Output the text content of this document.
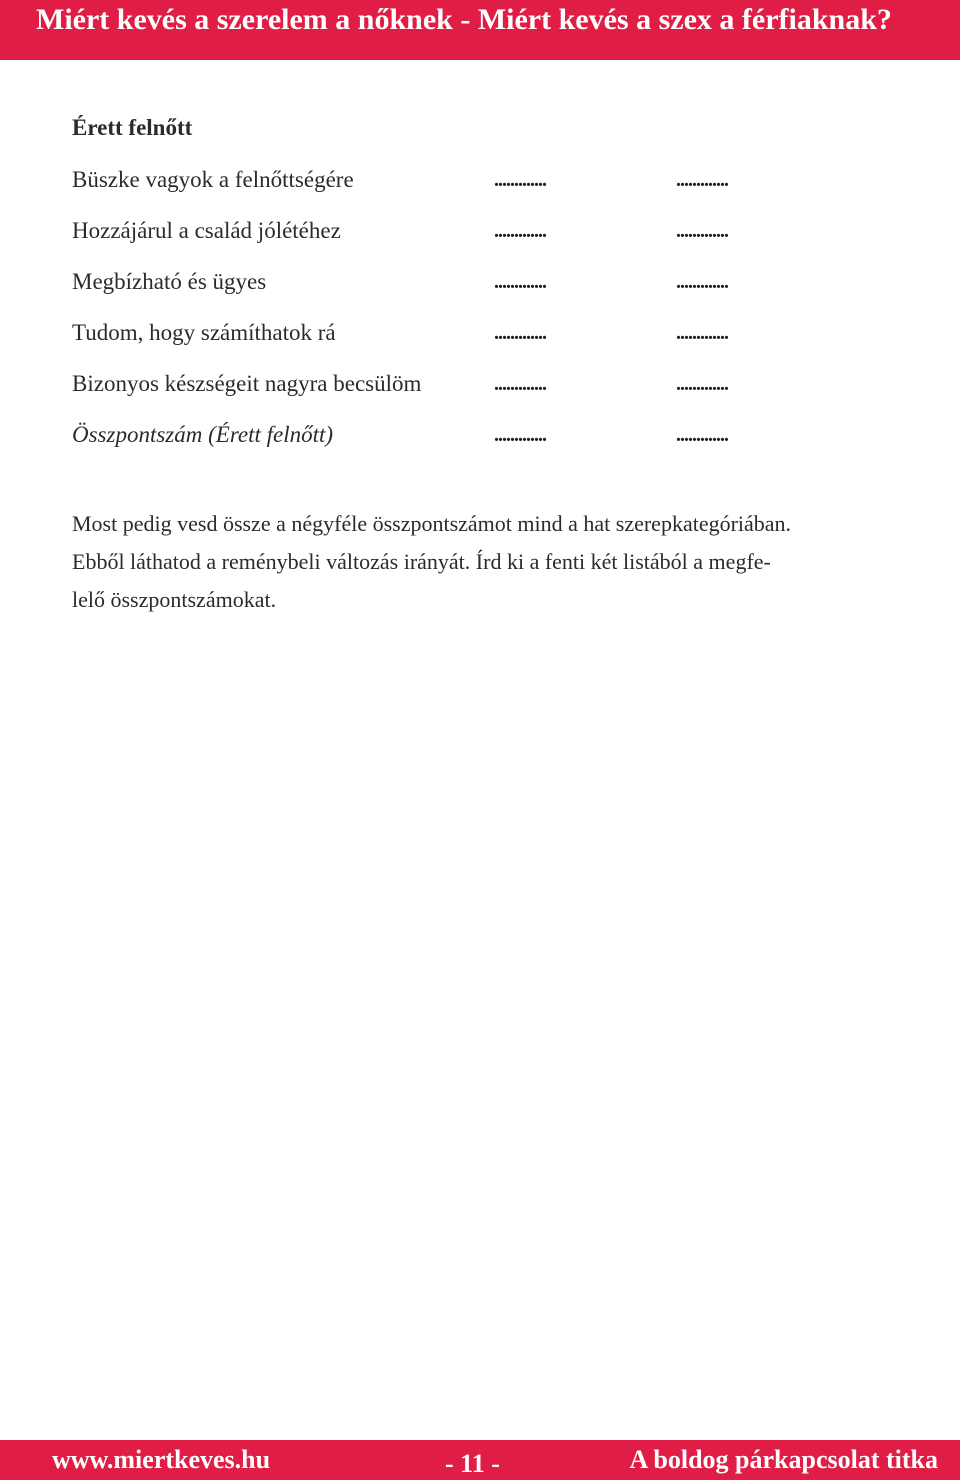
Miért kevés a szerelem a nőknek - Miért kevés a szex a férfiaknak?
Érett felnőtt
Büszke vagyok a felnőttségére	.............	.............
Hozzájárul a család jólétéhez	.............	.............
Megbízható és ügyes	.............	.............
Tudom, hogy számíthatok rá	.............	.............
Bizonyos készségeit nagyra becsülöm	.............	.............
Összpontszám (Érett felnőtt)	.............	.............
Most pedig vesd össze a négyféle összpontszámot mind a hat szerepkategóriában.
Ebből láthatod a reménybeli változás irányát. Írd ki a fenti két listából a megfe-
lelő összpontszámokat.
www.miertkeves.hu	- 11 -	A boldog párkapcsolat titka
